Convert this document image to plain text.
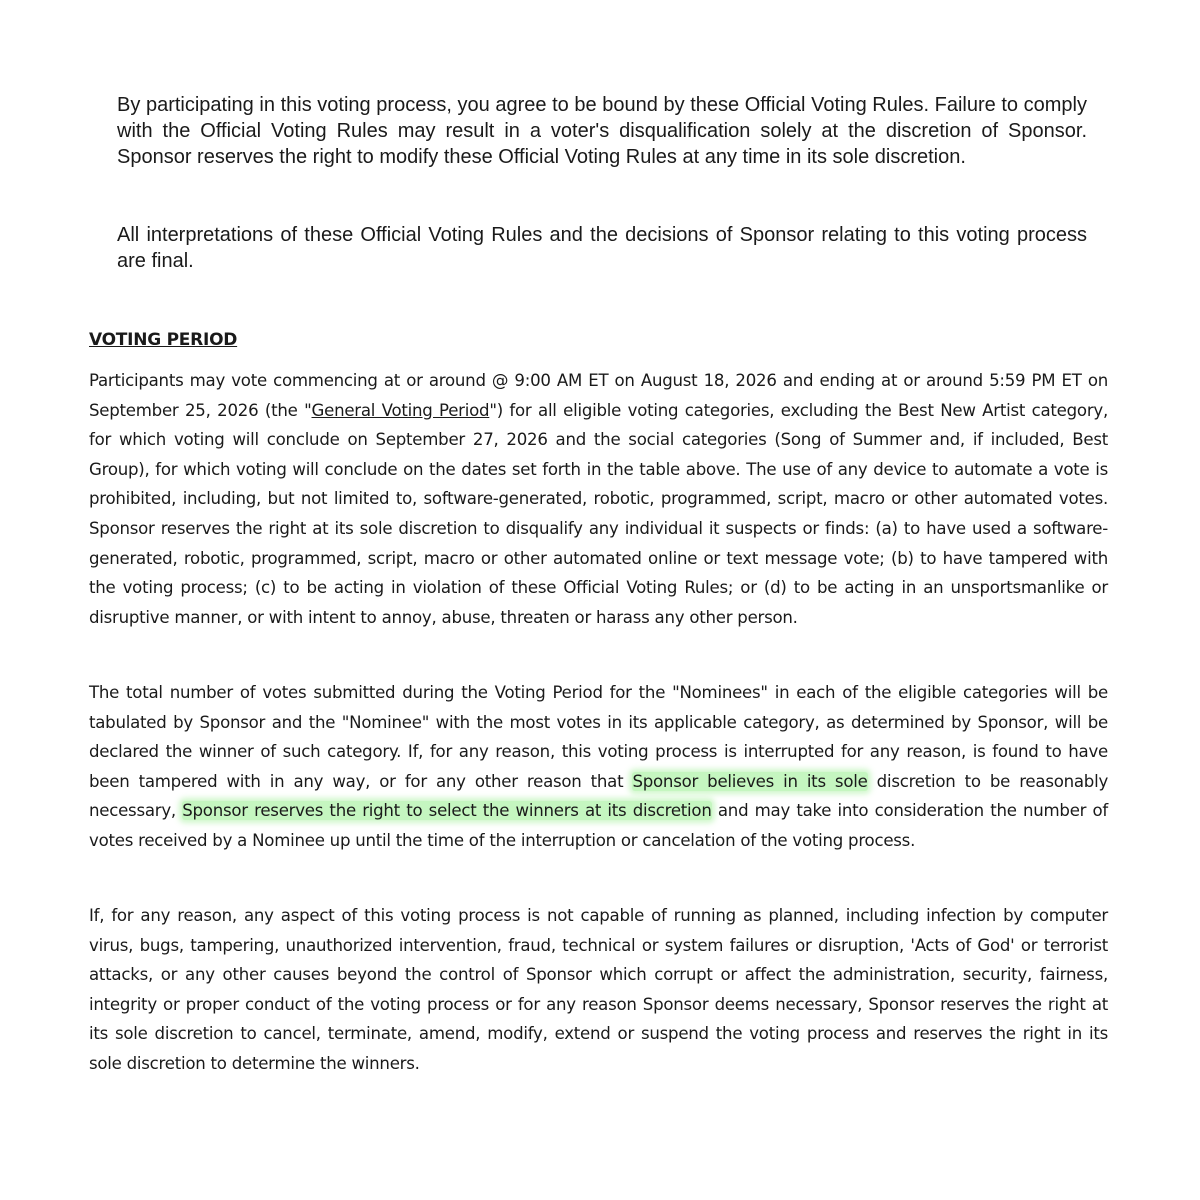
By participating in this voting process, you agree to be bound by these Official Voting Rules. Failure to comply with the Official Voting Rules may result in a voter's disqualification solely at the discretion of Sponsor. Sponsor reserves the right to modify these Official Voting Rules at any time in its sole discretion.

All interpretations of these Official Voting Rules and the decisions of Sponsor relating to this voting process are final.

VOTING PERIOD

Participants may vote commencing at or around @ 9:00 AM ET on August 18, 2026 and ending at or around 5:59 PM ET on September 25, 2026 (the "General Voting Period") for all eligible voting categories, excluding the Best New Artist category, for which voting will conclude on September 27, 2026 and the social categories (Song of Summer and, if included, Best Group), for which voting will conclude on the dates set forth in the table above. The use of any device to automate a vote is prohibited, including, but not limited to, software-generated, robotic, programmed, script, macro or other automated votes. Sponsor reserves the right at its sole discretion to disqualify any individual it suspects or finds: (a) to have used a software-generated, robotic, programmed, script, macro or other automated online or text message vote; (b) to have tampered with the voting process; (c) to be acting in violation of these Official Voting Rules; or (d) to be acting in an unsportsmanlike or disruptive manner, or with intent to annoy, abuse, threaten or harass any other person.

The total number of votes submitted during the Voting Period for the "Nominees" in each of the eligible categories will be tabulated by Sponsor and the "Nominee" with the most votes in its applicable category, as determined by Sponsor, will be declared the winner of such category. If, for any reason, this voting process is interrupted for any reason, is found to have been tampered with in any way, or for any other reason that Sponsor believes in its sole discretion to be reasonably necessary, Sponsor reserves the right to select the winners at its discretion and may take into consideration the number of votes received by a Nominee up until the time of the interruption or cancelation of the voting process.

If, for any reason, any aspect of this voting process is not capable of running as planned, including infection by computer virus, bugs, tampering, unauthorized intervention, fraud, technical or system failures or disruption, 'Acts of God' or terrorist attacks, or any other causes beyond the control of Sponsor which corrupt or affect the administration, security, fairness, integrity or proper conduct of the voting process or for any reason Sponsor deems necessary, Sponsor reserves the right at its sole discretion to cancel, terminate, amend, modify, extend or suspend the voting process and reserves the right in its sole discretion to determine the winners.
